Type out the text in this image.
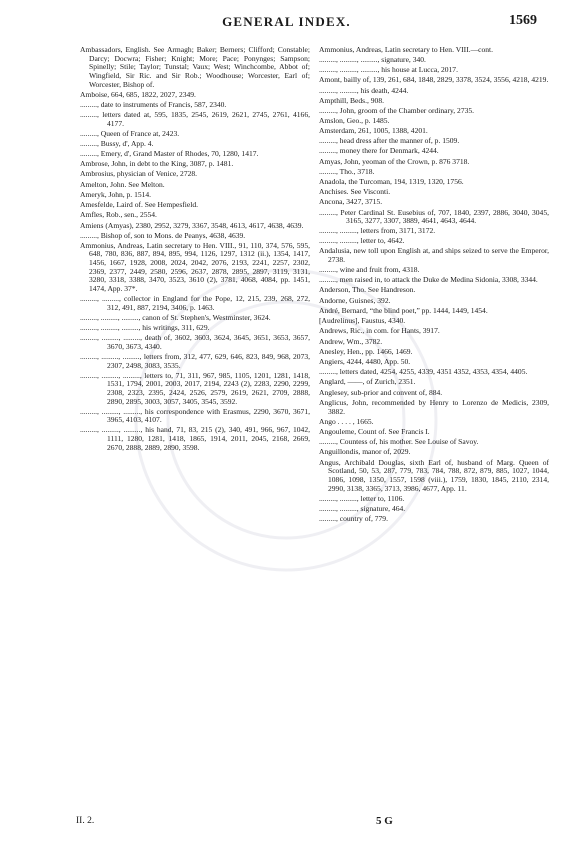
GENERAL INDEX.	1569

Ambassadors, English. See Armagh; Baker; Berners; Clifford; Constable; Darcy; Docwra; Fisher; Knight; More; Pace; Ponynges; Sampson; Spinelly; Stile; Taylor; Tunstal; Vaux; West; Winchcombe, Abbot of; Wingfield, Sir Ric. and Sir Rob.; Woodhouse; Worcester, Earl of; Worcester, Bishop of.

Amboise, 664, 685, 1822, 2027, 2349.

........., date to instruments of Francis, 587, 2340.

........., letters dated at, 595, 1835, 2545, 2619, 2621, 2745, 2761, 4166, 4177.

........., Queen of France at, 2423.

........., Bussy, d', App. 4.

........., Emery, d', Grand Master of Rhodes, 70, 1280, 1417.

Ambrose, John, in debt to the King, 3087, p. 1481.

Ambrosius, physician of Venice, 2728.

Amelton, John. See Melton.

Ameryk, John, p. 1514.

Amesfelde, Laird of. See Hempesfield.

Amfles, Rob., sen., 2554.

Amiens (Amyas), 2380, 2952, 3279, 3367, 3548, 4613, 4617, 4638, 4639.

........., Bishop of, son to Mons. de Peanys, 4638, 4639.

Ammonius, Andreas, Latin secretary to Hen. VIII., 91, 110, 374, 576, 595, 648, 780, 836, 887, 894, 895, 994, 1126, 1297, 1312 (ii.), 1354, 1417, 1456, 1667, 1928, 2008, 2024, 2042, 2076, 2193, 2241, 2257, 2302, 2369, 2377, 2449, 2580, 2596, 2637, 2878, 2895, 2897, 3119, 3131, 3280, 3318, 3388, 3470, 3523, 3610 (2), 3781, 4068, 4084, pp. 1451, 1474, App. 37*.

........., ........., collector in England for the Pope, 12, 215, 239, 268, 272, 312, 491, 887, 2194, 3406, p. 1463.

........., ........., ........., canon of St. Stephen's, Westminster, 3624.

........., ........., ........., his writings, 311, 629.

........., ........., ........., death of, 3602, 3603, 3624, 3645, 3651, 3653, 3657, 3670, 3673, 4340.

........., ........., ........., letters from, 312, 477, 629, 646, 823, 849, 968, 2073, 2307, 2498, 3083, 3535.

........., ........., ........., letters to, 71, 311, 967, 985, 1105, 1201, 1281, 1418, 1531, 1794, 2001, 2003, 2017, 2194, 2243 (2), 2283, 2290, 2299, 2308, 2323, 2395, 2424, 2526, 2579, 2619, 2621, 2709, 2888, 2890, 2895, 3003, 3057, 3405, 3545, 3592.

........., ........., ........., his correspondence with Erasmus, 2290, 3670, 3671, 3965, 4103, 4107.

........., ........., ........., his hand, 71, 83, 215 (2), 340, 491, 966, 967, 1042, 1111, 1280, 1281, 1418, 1865, 1914, 2011, 2045, 2168, 2669, 2670, 2888, 2889, 2890, 3598.

Ammonius, Andreas, Latin secretary to Hen. VIII.—cont.

........., ........., ........., signature, 340.

........., ........., ........., his house at Lucca, 2017.

Amont, bailly of, 139, 261, 684, 1848, 2829, 3378, 3524, 3556, 4218, 4219.

........., ........., his death, 4244.

Ampthill, Beds., 908.

........., John, groom of the Chamber ordinary, 2735.

Amslon, Geo., p. 1485.

Amsterdam, 261, 1005, 1388, 4201.

........., head dress after the manner of, p. 1509.

........., money there for Denmark, 4244.

Amyas, John, yeoman of the Crown, p. 876 3718.

........., Tho., 3718.

Anadola, the Turcoman, 194, 1319, 1320, 1756.

Anchises. See Visconti.

Ancona, 3427, 3715.

........., Peter Cardinal St. Eusebius of, 707, 1840, 2397, 2886, 3040, 3045, 3165, 3277, 3307, 3889, 4641, 4643, 4644.

........., ........., letters from, 3171, 3172.

........., ........., letter to, 4642.

Andalusia, new toll upon English at, and ships seized to serve the Emperor, 2738.

........., wine and fruit from, 4318.

........., men raised in, to attack the Duke de Medina Sidonia, 3308, 3344.

Anderson, Tho. See Handreson.

Andorne, Guisnes, 392.

André, Bernard, “the blind poet,” pp. 1444, 1449, 1454.

[Audrelinus], Faustus, 4340.

Andrews, Ric., in com. for Hants, 3917.

Andrew, Wm., 3782.

Anesley, Hen., pp. 1466, 1469.

Angiers, 4244, 4480, App. 50.

........., letters dated, 4254, 4255, 4339, 4351 4352, 4353, 4354, 4405.

Anglard, ——, of Zurich, 2351.

Anglesey, sub-prior and convent of, 884.

Anglicus, John, recommended by Henry to Lorenzo de Medicis, 2309, 3882.

Ango . . . . , 1665.

Angouleme, Count of. See Francis I.

........., Countess of, his mother. See Louise of Savoy.

Anguillondis, manor of, 2029.

Angus, Archibald Douglas, sixth Earl of, husband of Marg. Queen of Scotland, 50, 53, 287, 779, 783, 784, 788, 872, 879, 885, 1027, 1044, 1086, 1098, 1350, 1557, 1598 (viii.), 1759, 1830, 1845, 2110, 2314, 2990, 3138, 3365, 3713, 3986, 4677, App. 11.

........., ........., letter to, 1106.

........., ........., signature, 464.

........., country of, 779.

II. 2.	5 G
